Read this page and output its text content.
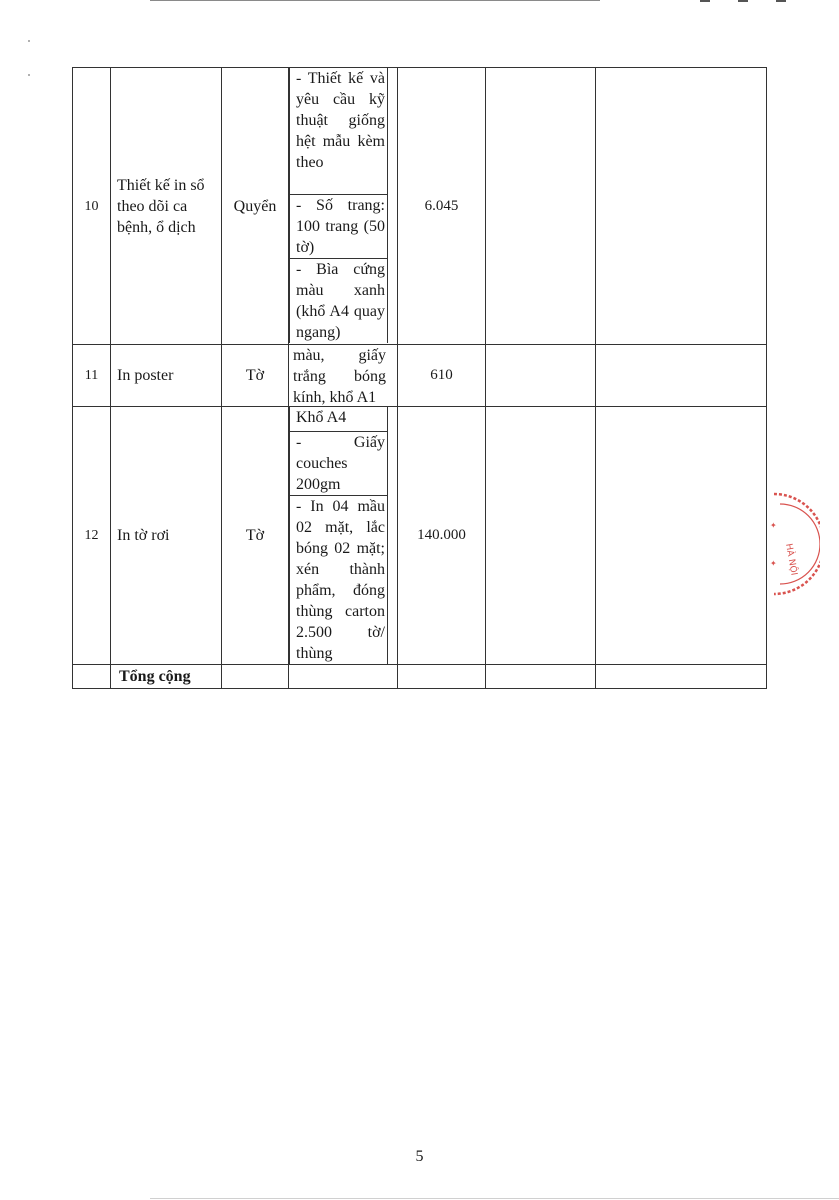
10	Thiết kế in sổ theo dõi ca bệnh, ổ dịch	Quyển	- Thiết kế và yêu cầu kỹ thuật giống hệt mẫu kèm theo
- Số trang: 100 trang (50 tờ)
- Bìa cứng màu xanh (khổ A4 quay ngang)	6.045		
11	In poster	Tờ	màu, giấy trắng bóng kính, khổ A1	610		
12	In tờ rơi	Tờ	Khổ A4
- Giấy couches 200gm
- In 04 mầu 02 mặt, lắc bóng 02 mặt; xén thành phẩm, đóng thùng carton 2.500 tờ/ thùng	140.000		
	Tổng cộng					
HÀ NỘI
✦
✦
5
